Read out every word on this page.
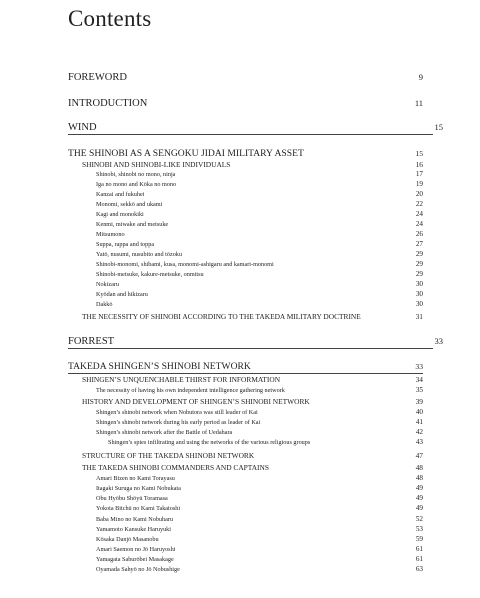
Contents
FOREWORD	9
INTRODUCTION	11
WIND	15
THE SHINOBI AS A SENGOKU JIDAI MILITARY ASSET	15
SHINOBI AND SHINOBI-LIKE INDIVIDUALS	16
Shinobi, shinobi no mono, ninja	17
Iga no mono and Kōka no mono	19
Kanzai and fukuhei	20
Monomi, sekkō and ukami	22
Kagi and monokiki	24
Kenmi, miwake and metsuke	24
Mitsumono	26
Suppa, rappa and toppa	27
Yatō, nusumi, nusubito and tōzoku	29
Shinobi-monomi, shibami, kusa, monomi-ashigaru and kamari-monomi	29
Shinobi-metsuke, kakure-metsuke, onmitsu	29
Nokizaru	30
Kyōdan and hikizaru	30
Dakkō	30
THE NECESSITY OF SHINOBI ACCORDING TO THE TAKEDA MILITARY DOCTRINE	31
FORREST	33
TAKEDA SHINGEN’S SHINOBI NETWORK	33
SHINGEN’S UNQUENCHABLE THIRST FOR INFORMATION	34
The necessity of having his own independent intelligence gathering network	35
HISTORY AND DEVELOPMENT OF SHINGEN’S SHINOBI NETWORK	39
Shingen’s shinobi network when Nobutora was still leader of Kai	40
Shingen’s shinobi network during his early period as leader of Kai	41
Shingen’s shinobi network after the Battle of Uedahara	42
Shingen’s spies infiltrating and using the networks of the various religious groups	43
STRUCTURE OF THE TAKEDA SHINOBI NETWORK	47
THE TAKEDA SHINOBI COMMANDERS AND CAPTAINS	48
Amari Bizen no Kami Torayasu	48
Itagaki Suruga no Kami Nobukata	49
Obu Hyōbu Shōyū Toramasa	49
Yokota Bitchū no Kami Takatoshi	49
Baba Mino no Kami Nobuharu	52
Yamamoto Kansuke Haruyuki	53
Kōsaka Danjō Masanobu	59
Amari Saemon no Jō Haruyoshi	61
Yamagata Saburōbei Masakage	61
Oyamada Sahyō no Jō Nobushige	63
